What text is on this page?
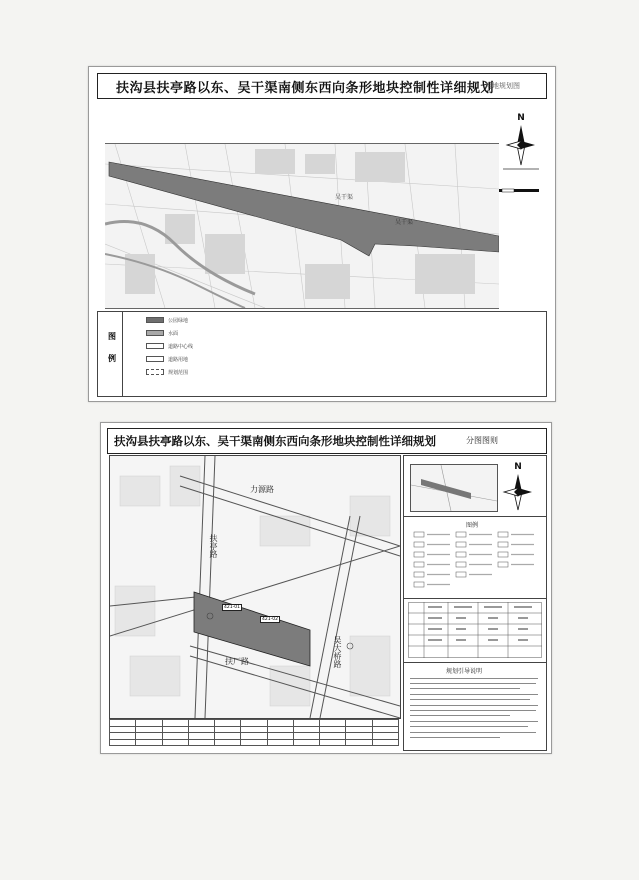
扶沟县扶亭路以东、吴干渠南侧东西向条形地块控制性详细规划
用地规划图
N
吴干渠
吴干渠
图例
公园绿地
水面
道路中心线
道路用地
规划范围
扶沟县扶亭路以东、吴干渠南侧东西向条形地块控制性详细规划	分图图则
力源路
扶亭路
扶厂路	吴大桥路
421-01
421-02

N
图例
规划引导说明
